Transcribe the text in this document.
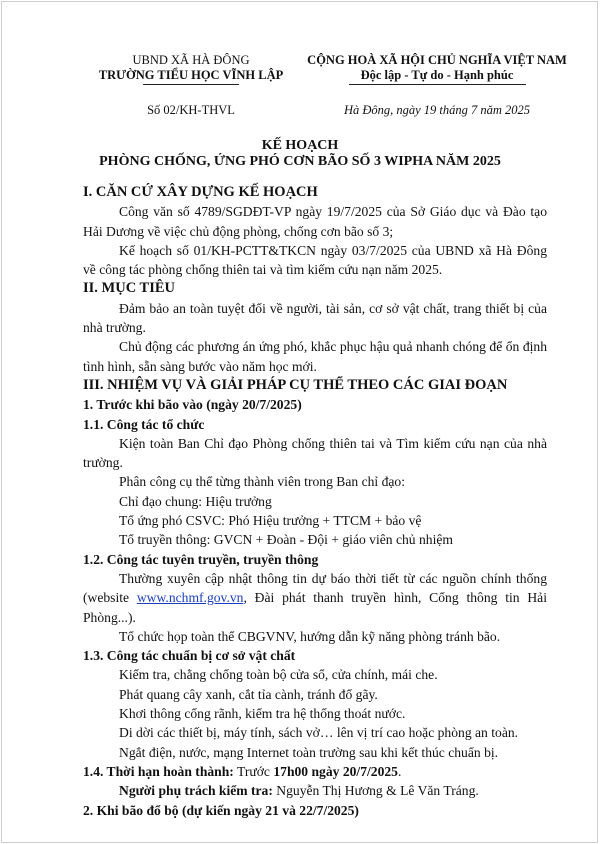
UBND XÃ HÀ ĐÔNG
TRƯỜNG TIỂU HỌC VĨNH LẬP
Số 02/KH-THVL
CỘNG HOÀ XÃ HỘI CHỦ NGHĨA VIỆT NAM
Độc lập - Tự do - Hạnh phúc
Hà Đông, ngày 19 tháng 7 năm 2025
KẾ HOẠCH
PHÒNG CHỐNG, ỨNG PHÓ CƠN BÃO SỐ 3 WIPHA NĂM 2025

I. CĂN CỨ XÂY DỰNG KẾ HOẠCH

Công văn số 4789/SGDĐT-VP ngày 19/7/2025 của Sở Giáo dục và Đào tạo Hải Dương về việc chủ động phòng, chống cơn bão số 3;

Kế hoạch số 01/KH-PCTT&TKCN ngày 03/7/2025 của UBND xã Hà Đông về công tác phòng chống thiên tai và tìm kiếm cứu nạn năm 2025.

II. MỤC TIÊU

Đảm bảo an toàn tuyệt đối về người, tài sản, cơ sở vật chất, trang thiết bị của nhà trường.

Chủ động các phương án ứng phó, khắc phục hậu quả nhanh chóng để ổn định tình hình, sẵn sàng bước vào năm học mới.

III. NHIỆM VỤ VÀ GIẢI PHÁP CỤ THỂ THEO CÁC GIAI ĐOẠN

1. Trước khi bão vào (ngày 20/7/2025)

1.1. Công tác tổ chức

Kiện toàn Ban Chỉ đạo Phòng chống thiên tai và Tìm kiếm cứu nạn của nhà trường.

Phân công cụ thể từng thành viên trong Ban chỉ đạo:

Chỉ đạo chung: Hiệu trưởng

Tổ ứng phó CSVC: Phó Hiệu trưởng + TTCM + bảo vệ

Tổ truyền thông: GVCN + Đoàn - Đội + giáo viên chủ nhiệm

1.2. Công tác tuyên truyền, truyền thông

Thường xuyên cập nhật thông tin dự báo thời tiết từ các nguồn chính thống (website www.nchmf.gov.vn, Đài phát thanh truyền hình, Cổng thông tin Hải Phòng...).

Tổ chức họp toàn thể CBGVNV, hướng dẫn kỹ năng phòng tránh bão.

1.3. Công tác chuẩn bị cơ sở vật chất

Kiểm tra, chằng chống toàn bộ cửa sổ, cửa chính, mái che.

Phát quang cây xanh, cắt tỉa cành, tránh đổ gãy.

Khơi thông cống rãnh, kiểm tra hệ thống thoát nước.

Di dời các thiết bị, máy tính, sách vở… lên vị trí cao hoặc phòng an toàn.

Ngắt điện, nước, mạng Internet toàn trường sau khi kết thúc chuẩn bị.

1.4. Thời hạn hoàn thành: Trước 17h00 ngày 20/7/2025.

Người phụ trách kiểm tra: Nguyễn Thị Hương & Lê Văn Tráng.

2. Khi bão đổ bộ (dự kiến ngày 21 và 22/7/2025)
